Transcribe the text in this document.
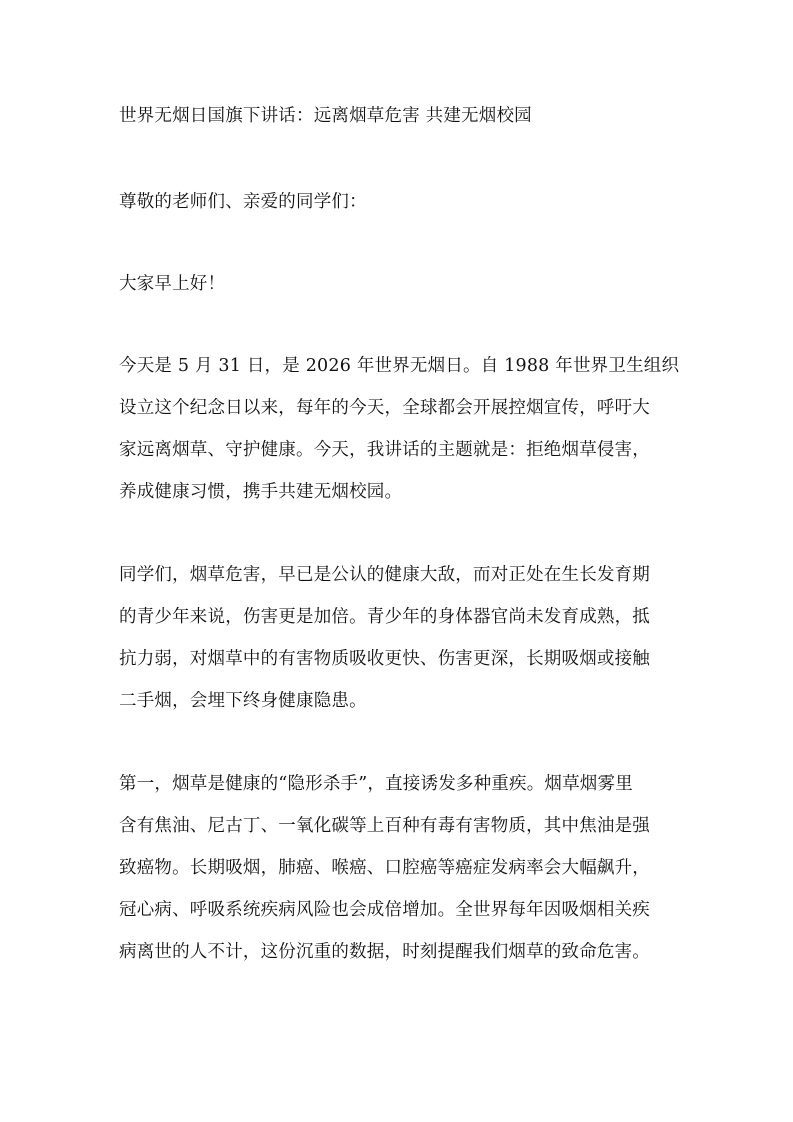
世界无烟日国旗下讲话：远离烟草危害 共建无烟校园
尊敬的老师们、亲爱的同学们：
大家早上好！
今天是 5 月 31 日，是 2026 年世界无烟日。自 1988 年世界卫生组织
设立这个纪念日以来，每年的今天，全球都会开展控烟宣传，呼吁大
家远离烟草、守护健康。今天，我讲话的主题就是：拒绝烟草侵害，
养成健康习惯，携手共建无烟校园。
同学们，烟草危害，早已是公认的健康大敌，而对正处在生长发育期
的青少年来说，伤害更是加倍。青少年的身体器官尚未发育成熟，抵
抗力弱，对烟草中的有害物质吸收更快、伤害更深，长期吸烟或接触
二手烟，会埋下终身健康隐患。
第一，烟草是健康的“隐形杀手”，直接诱发多种重疾。烟草烟雾里
含有焦油、尼古丁、一氧化碳等上百种有毒有害物质，其中焦油是强
致癌物。长期吸烟，肺癌、喉癌、口腔癌等癌症发病率会大幅飙升，
冠心病、呼吸系统疾病风险也会成倍增加。全世界每年因吸烟相关疾
病离世的人不计，这份沉重的数据，时刻提醒我们烟草的致命危害。
